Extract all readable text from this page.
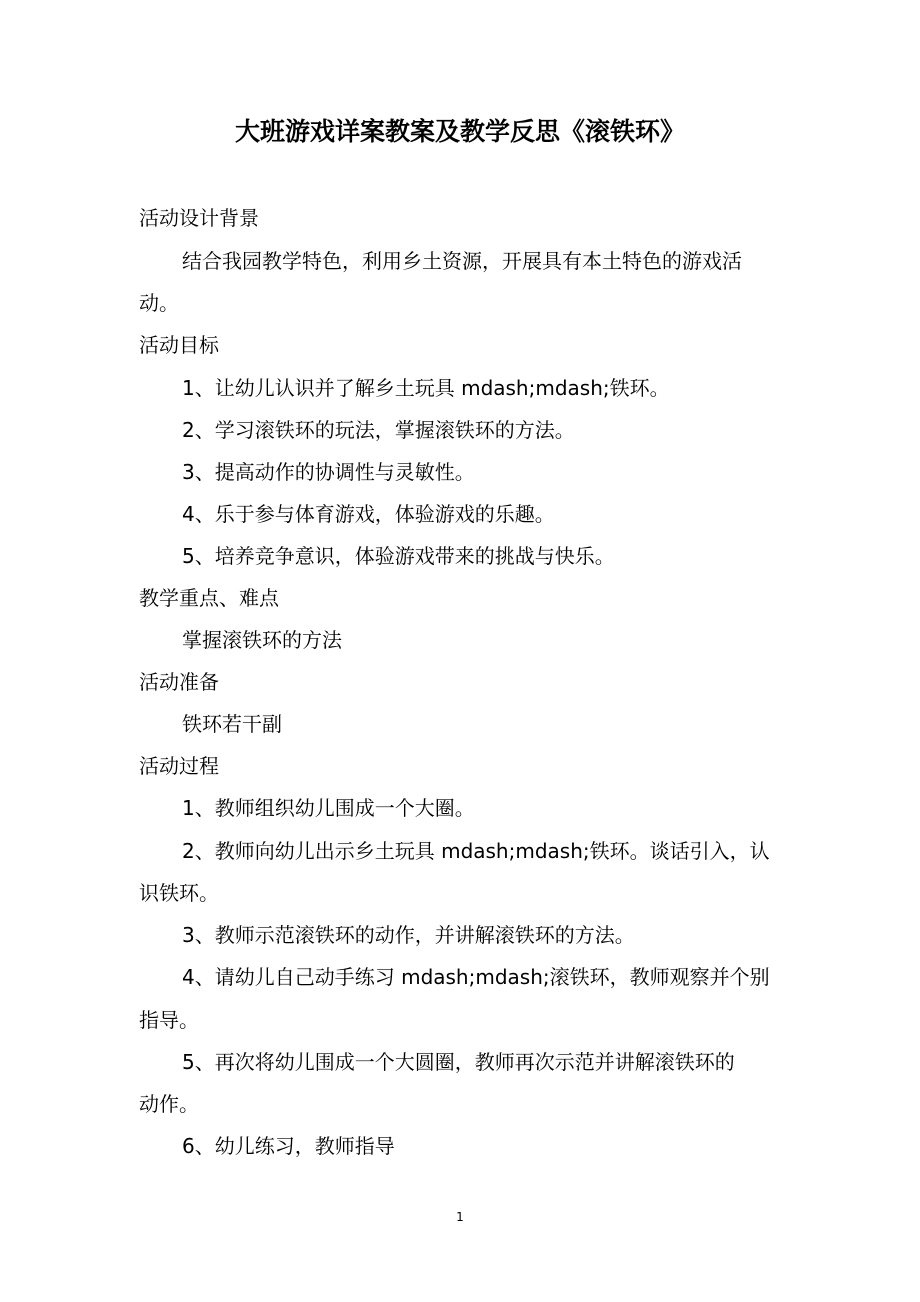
大班游戏详案教案及教学反思《滚铁环》
活动设计背景
结合我园教学特色，利用乡土资源，开展具有本土特色的游戏活
动。
活动目标
1、让幼儿认识并了解乡土玩具 mdash;mdash;铁环。
2、学习滚铁环的玩法，掌握滚铁环的方法。
3、提高动作的协调性与灵敏性。
4、乐于参与体育游戏，体验游戏的乐趣。
5、培养竞争意识，体验游戏带来的挑战与快乐。
教学重点、难点
掌握滚铁环的方法
活动准备
铁环若干副
活动过程
1、教师组织幼儿围成一个大圈。
2、教师向幼儿出示乡土玩具 mdash;mdash;铁环。谈话引入，认
识铁环。
3、教师示范滚铁环的动作，并讲解滚铁环的方法。
4、请幼儿自己动手练习 mdash;mdash;滚铁环，教师观察并个别
指导。
5、再次将幼儿围成一个大圆圈，教师再次示范并讲解滚铁环的
动作。
6、幼儿练习，教师指导
1
